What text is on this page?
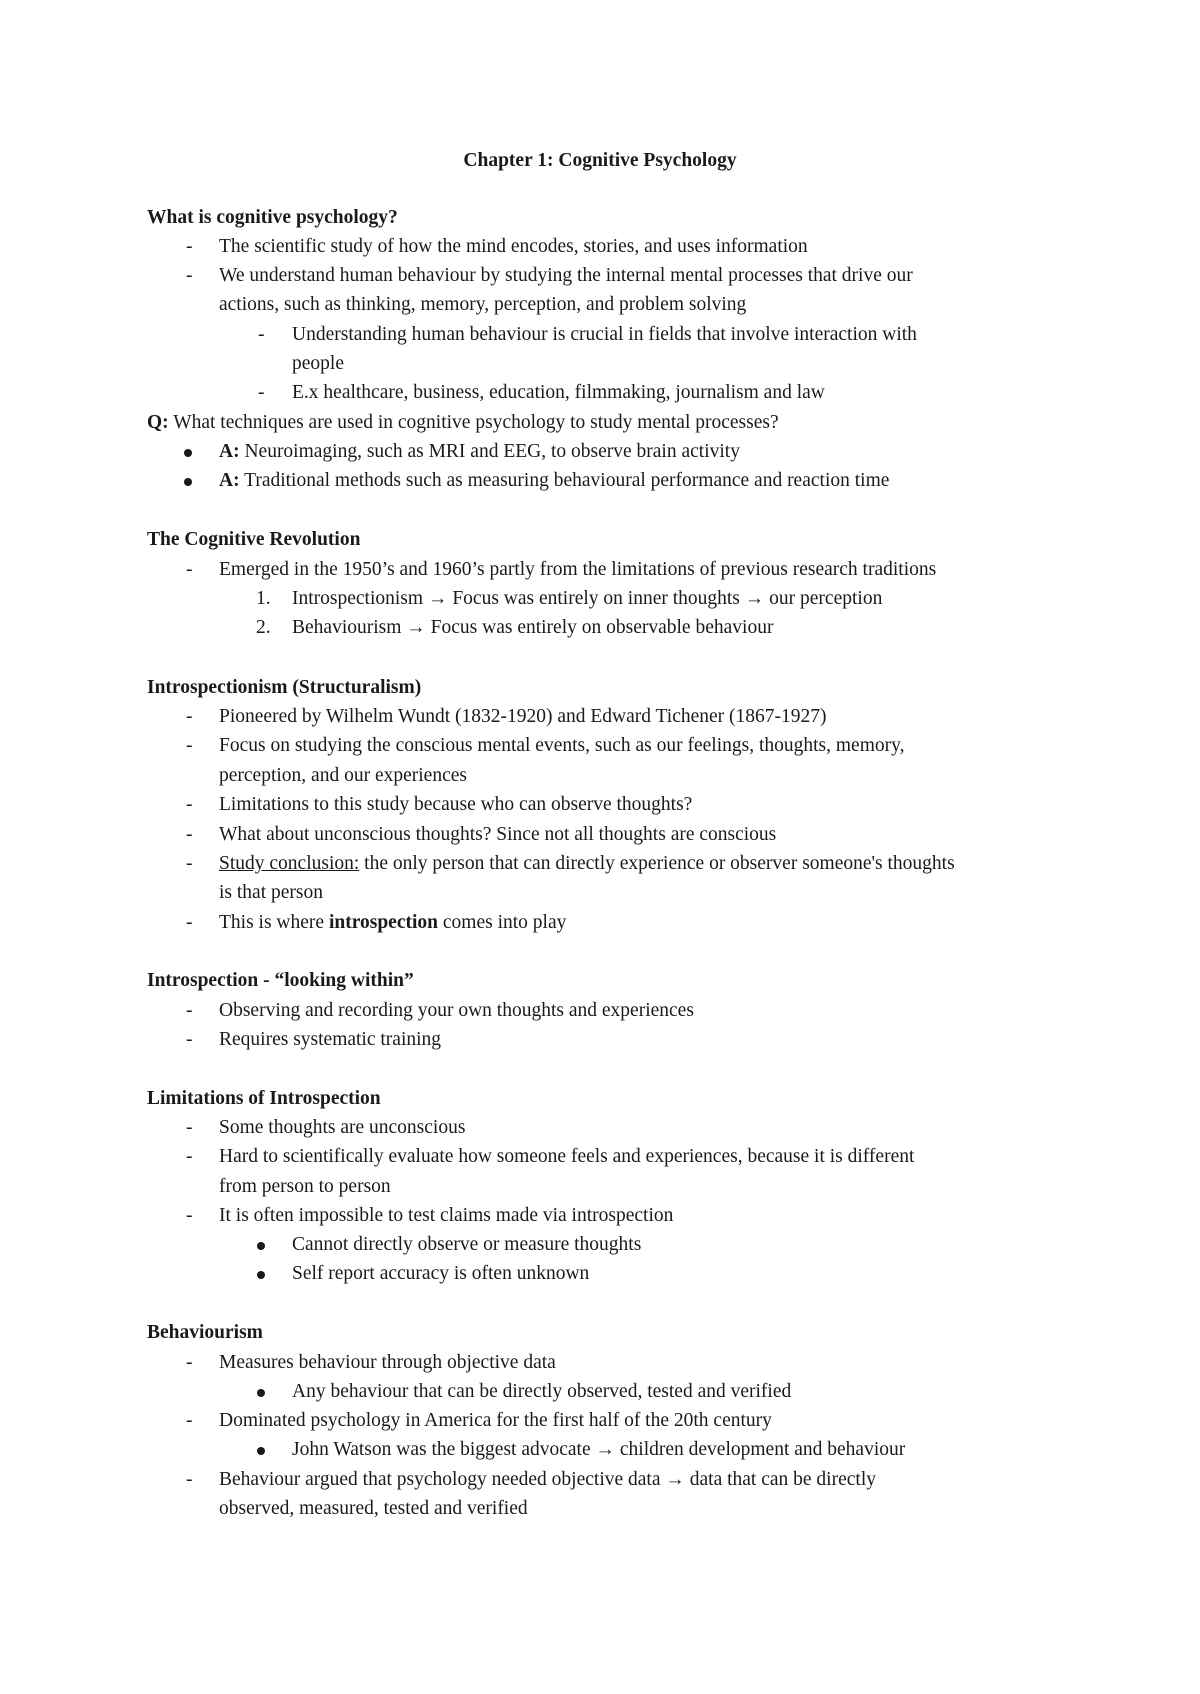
Chapter 1: Cognitive Psychology
What is cognitive psychology?
- The scientific study of how the mind encodes, stories, and uses information
- We understand human behaviour by studying the internal mental processes that drive our
actions, such as thinking, memory, perception, and problem solving
- Understanding human behaviour is crucial in fields that involve interaction with
people
- E.x healthcare, business, education, filmmaking, journalism and law
Q: What techniques are used in cognitive psychology to study mental processes?
A: Neuroimaging, such as MRI and EEG, to observe brain activity
A: Traditional methods such as measuring behavioural performance and reaction time
The Cognitive Revolution
- Emerged in the 1950’s and 1960’s partly from the limitations of previous research traditions
1. Introspectionism → Focus was entirely on inner thoughts → our perception
2. Behaviourism → Focus was entirely on observable behaviour
Introspectionism (Structuralism)
- Pioneered by Wilhelm Wundt (1832-1920) and Edward Tichener (1867-1927)
- Focus on studying the conscious mental events, such as our feelings, thoughts, memory,
perception, and our experiences
- Limitations to this study because who can observe thoughts?
- What about unconscious thoughts? Since not all thoughts are conscious
- Study conclusion: the only person that can directly experience or observer someone's thoughts
is that person
- This is where introspection comes into play
Introspection - “looking within”
- Observing and recording your own thoughts and experiences
- Requires systematic training
Limitations of Introspection
- Some thoughts are unconscious
- Hard to scientifically evaluate how someone feels and experiences, because it is different
from person to person
- It is often impossible to test claims made via introspection
Cannot directly observe or measure thoughts
Self report accuracy is often unknown
Behaviourism
- Measures behaviour through objective data
Any behaviour that can be directly observed, tested and verified
- Dominated psychology in America for the first half of the 20th century
John Watson was the biggest advocate → children development and behaviour
- Behaviour argued that psychology needed objective data → data that can be directly
observed, measured, tested and verified
